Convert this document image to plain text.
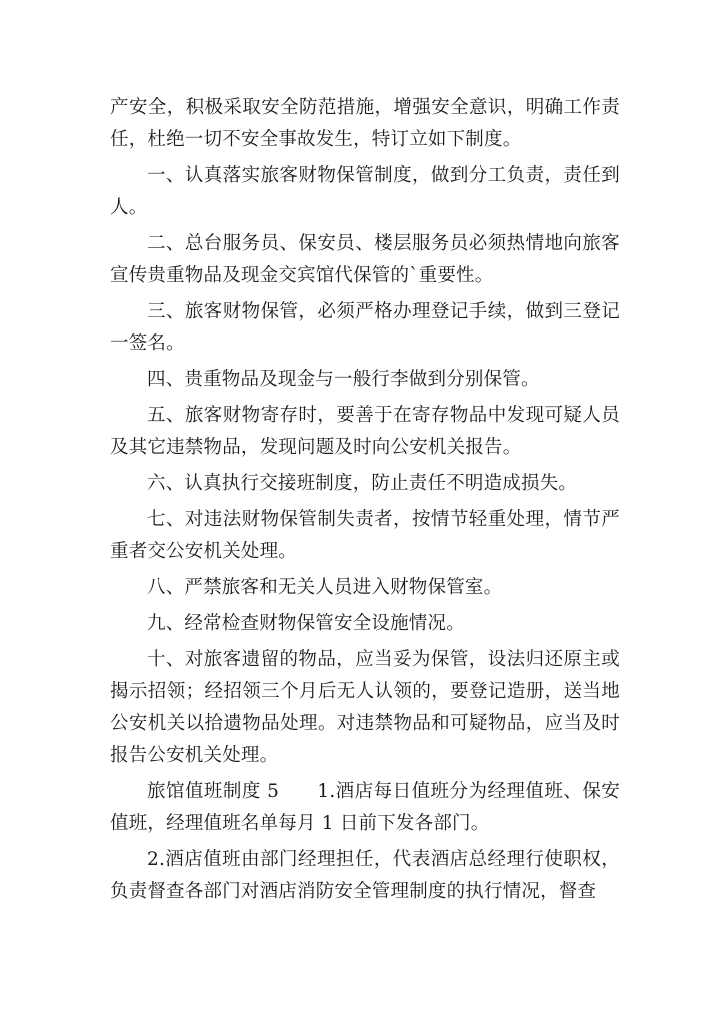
产安全，积极采取安全防范措施，增强安全意识，明确工作责任，杜绝一切不安全事故发生，特订立如下制度。

一、认真落实旅客财物保管制度，做到分工负责，责任到人。

二、总台服务员、保安员、楼层服务员必须热情地向旅客宣传贵重物品及现金交宾馆代保管的`重要性。

三、旅客财物保管，必须严格办理登记手续，做到三登记一签名。

四、贵重物品及现金与一般行李做到分别保管。

五、旅客财物寄存时，要善于在寄存物品中发现可疑人员及其它违禁物品，发现问题及时向公安机关报告。

六、认真执行交接班制度，防止责任不明造成损失。

七、对违法财物保管制失责者，按情节轻重处理，情节严重者交公安机关处理。

八、严禁旅客和无关人员进入财物保管室。

九、经常检查财物保管安全设施情况。

十、对旅客遗留的物品，应当妥为保管，设法归还原主或揭示招领；经招领三个月后无人认领的，要登记造册，送当地公安机关以拾遗物品处理。对违禁物品和可疑物品，应当及时报告公安机关处理。

旅馆值班制度 5　　1.酒店每日值班分为经理值班、保安值班，经理值班名单每月 1 日前下发各部门。

2.酒店值班由部门经理担任，代表酒店总经理行使职权，负责督查各部门对酒店消防安全管理制度的执行情况，督查
